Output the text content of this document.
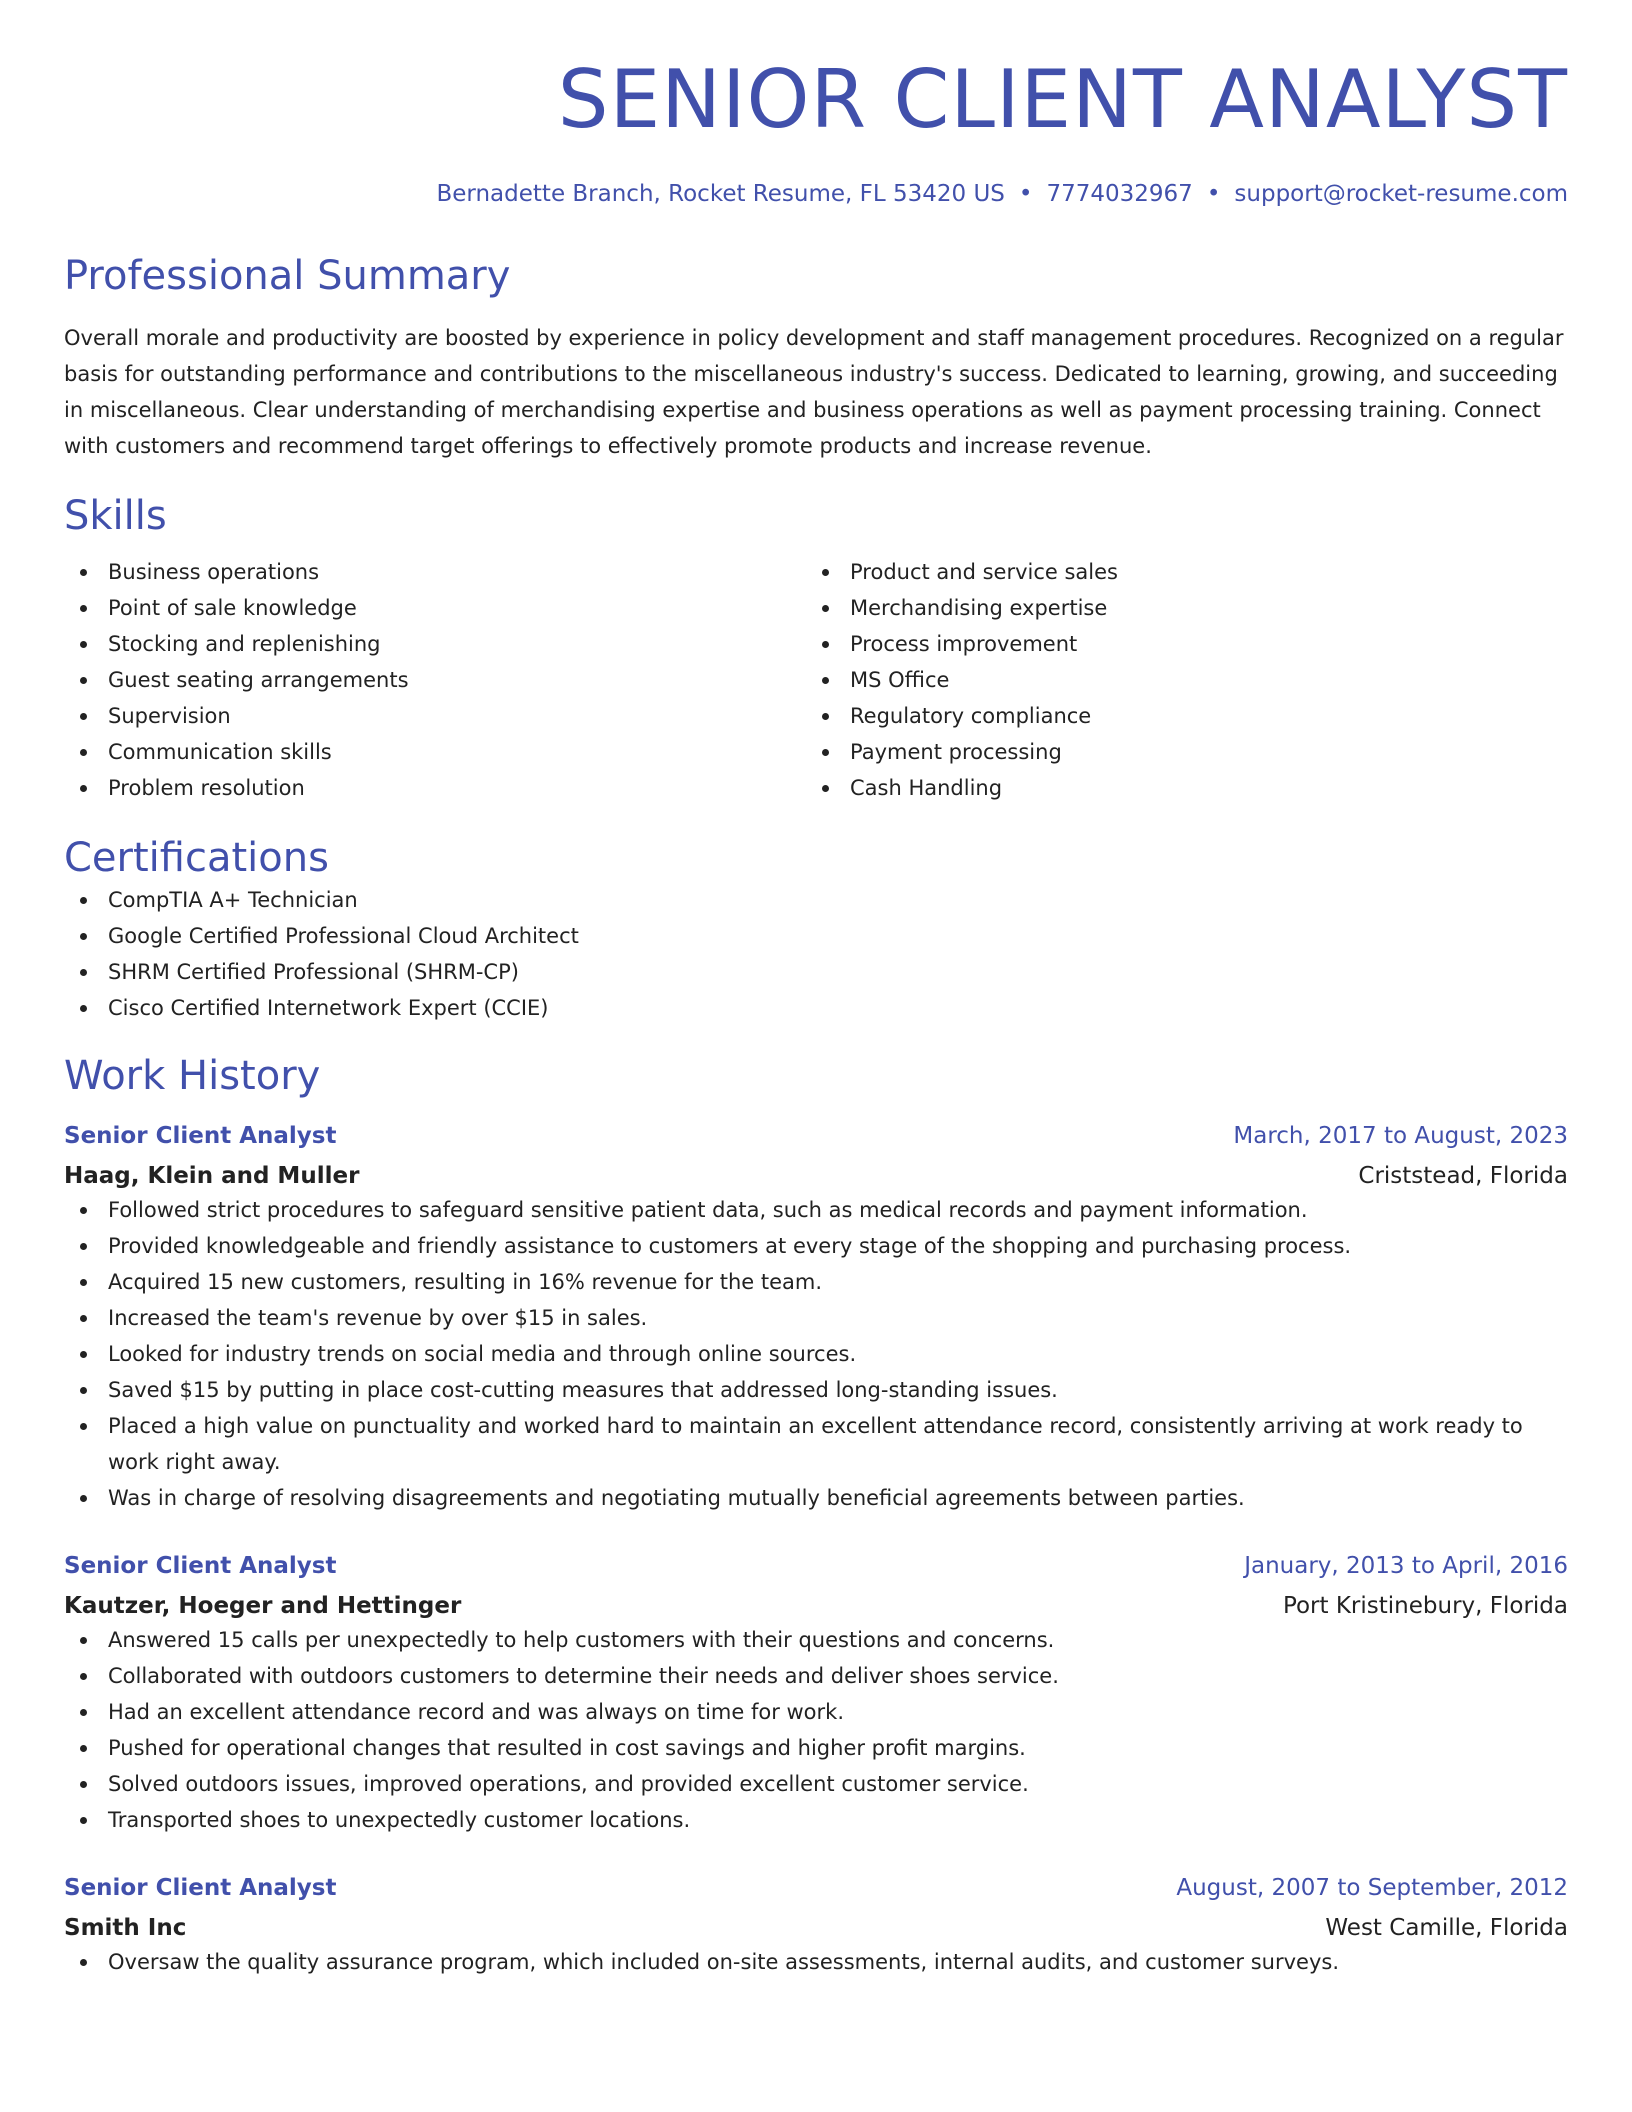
SENIOR CLIENT ANALYST
Bernadette Branch, Rocket Resume, FL 53420 US • 7774032967 • support@rocket-resume.com
Professional Summary
Overall morale and productivity are boosted by experience in policy development and staff management procedures. Recognized on a regular basis for outstanding performance and contributions to the miscellaneous industry's success. Dedicated to learning, growing, and succeeding in miscellaneous. Clear understanding of merchandising expertise and business operations as well as payment processing training. Connect with customers and recommend target offerings to effectively promote products and increase revenue.
Skills
Business operations
Point of sale knowledge
Stocking and replenishing
Guest seating arrangements
Supervision
Communication skills
Problem resolution
Product and service sales
Merchandising expertise
Process improvement
MS Office
Regulatory compliance
Payment processing
Cash Handling
Certifications
CompTIA A+ Technician
Google Certified Professional Cloud Architect
SHRM Certified Professional (SHRM-CP)
Cisco Certified Internetwork Expert (CCIE)
Work History
Senior Client Analyst	March, 2017 to August, 2023
Haag, Klein and Muller	Criststead, Florida
Followed strict procedures to safeguard sensitive patient data, such as medical records and payment information.
Provided knowledgeable and friendly assistance to customers at every stage of the shopping and purchasing process.
Acquired 15 new customers, resulting in 16% revenue for the team.
Increased the team's revenue by over $15 in sales.
Looked for industry trends on social media and through online sources.
Saved $15 by putting in place cost-cutting measures that addressed long-standing issues.
Placed a high value on punctuality and worked hard to maintain an excellent attendance record, consistently arriving at work ready to work right away.
Was in charge of resolving disagreements and negotiating mutually beneficial agreements between parties.
Senior Client Analyst	January, 2013 to April, 2016
Kautzer, Hoeger and Hettinger	Port Kristinebury, Florida
Answered 15 calls per unexpectedly to help customers with their questions and concerns.
Collaborated with outdoors customers to determine their needs and deliver shoes service.
Had an excellent attendance record and was always on time for work.
Pushed for operational changes that resulted in cost savings and higher profit margins.
Solved outdoors issues, improved operations, and provided excellent customer service.
Transported shoes to unexpectedly customer locations.
Senior Client Analyst	August, 2007 to September, 2012
Smith Inc	West Camille, Florida
Oversaw the quality assurance program, which included on-site assessments, internal audits, and customer surveys.
